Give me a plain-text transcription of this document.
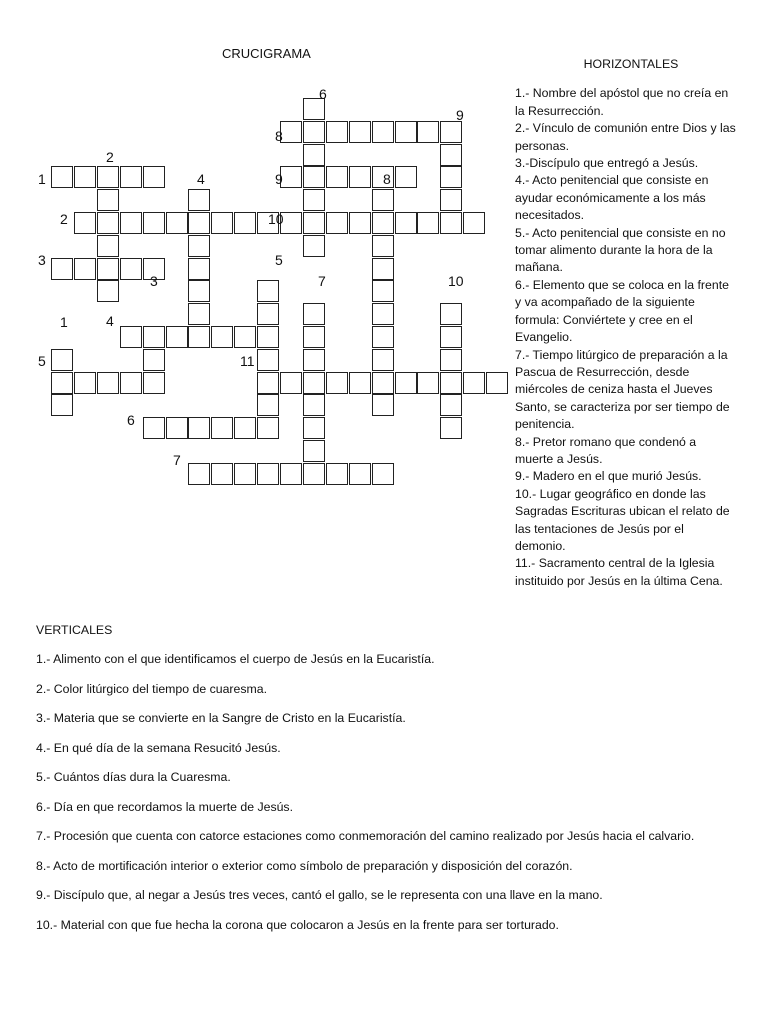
CRUCIGRAMA
1
2
3
4
5
6
7
8
9
10
11
1
2
3
4
5
6
7
8
9
10
HORIZONTALES
1.- Nombre del apóstol que no creía en la Resurrección.
2.- Vínculo de comunión entre Dios y las personas.
3.-Discípulo que entregó a Jesús.
4.- Acto penitencial que consiste en ayudar económicamente a los más necesitados.
5.- Acto penitencial que consiste en no tomar alimento durante la hora de la mañana.
6.- Elemento que se coloca en la frente y va acompañado de la siguiente formula: Conviértete y cree en el Evangelio.
7.- Tiempo litúrgico de preparación a la Pascua de Resurrección, desde miércoles de ceniza hasta el Jueves Santo, se caracteriza por ser tiempo de penitencia.
8.- Pretor romano que condenó a muerte a Jesús.
9.- Madero en el que murió Jesús.
10.- Lugar geográfico en donde las Sagradas Escrituras ubican el relato de las tentaciones de Jesús por el demonio.
11.- Sacramento central de la Iglesia instituido por Jesús en la última Cena.
VERTICALES
1.- Alimento con el que identificamos el cuerpo de Jesús en la Eucaristía.
2.- Color litúrgico del tiempo de cuaresma.
3.- Materia que se convierte en la Sangre de Cristo en la Eucaristía.
4.- En qué día de la semana Resucitó Jesús.
5.- Cuántos días dura la Cuaresma.
6.- Día en que recordamos la muerte de Jesús.
7.- Procesión que cuenta con catorce estaciones como conmemoración del camino realizado por Jesús hacia el calvario.
8.- Acto de mortificación interior o exterior como símbolo de preparación y disposición del corazón.
9.- Discípulo que, al negar a Jesús tres veces, cantó el gallo, se le representa con una llave en la mano.
10.- Material con que fue hecha la corona que colocaron a Jesús en la frente para ser torturado.
